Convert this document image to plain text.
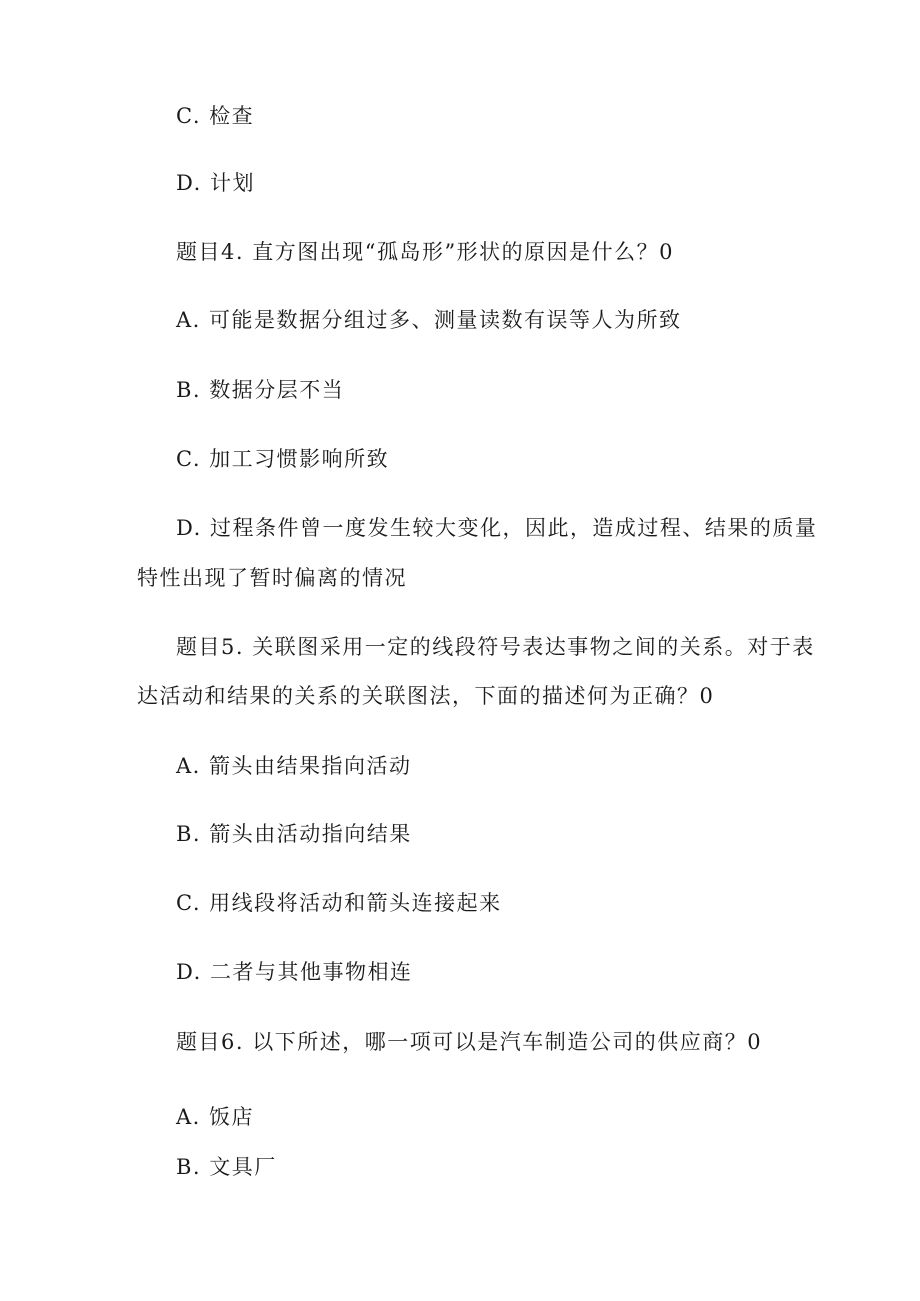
C. 检查
D. 计划
题目4. 直方图出现“孤岛形”形状的原因是什么？0
A. 可能是数据分组过多、测量读数有误等人为所致
B. 数据分层不当
C. 加工习惯影响所致
D. 过程条件曾一度发生较大变化，因此，造成过程、结果的质量
特性出现了暂时偏离的情况
题目5. 关联图采用一定的线段符号表达事物之间的关系。对于表
达活动和结果的关系的关联图法，下面的描述何为正确？0
A. 箭头由结果指向活动
B. 箭头由活动指向结果
C. 用线段将活动和箭头连接起来
D. 二者与其他事物相连
题目6. 以下所述，哪一项可以是汽车制造公司的供应商？0
A. 饭店
B. 文具厂
